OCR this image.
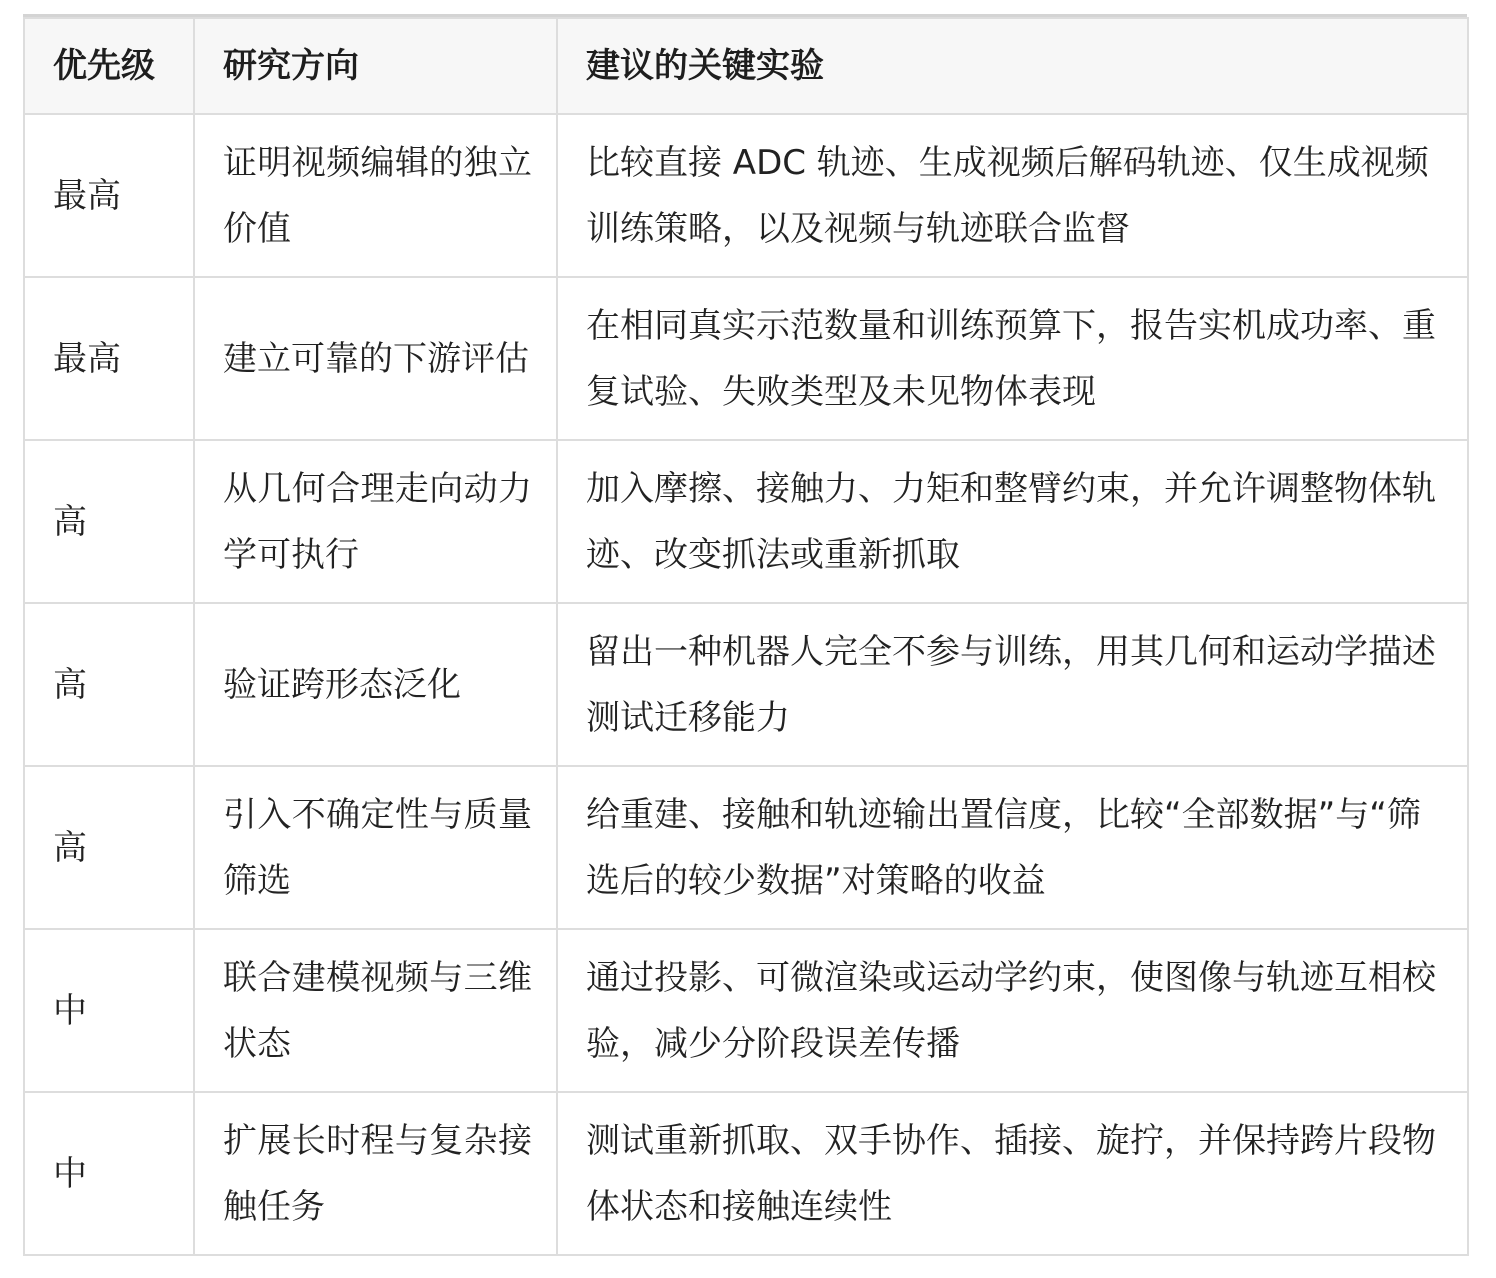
优先级	研究方向	建议的关键实验
最高	证明视频编辑的独立价值	比较直接 ADC 轨迹、生成视频后解码轨迹、仅生成视频训练策略，以及视频与轨迹联合监督
最高	建立可靠的下游评估	在相同真实示范数量和训练预算下，报告实机成功率、重复试验、失败类型及未见物体表现
高	从几何合理走向动力学可执行	加入摩擦、接触力、力矩和整臂约束，并允许调整物体轨迹、改变抓法或重新抓取
高	验证跨形态泛化	留出一种机器人完全不参与训练，用其几何和运动学描述测试迁移能力
高	引入不确定性与质量筛选	给重建、接触和轨迹输出置信度，比较“全部数据”与“筛选后的较少数据”对策略的收益
中	联合建模视频与三维状态	通过投影、可微渲染或运动学约束，使图像与轨迹互相校验，减少分阶段误差传播
中	扩展长时程与复杂接触任务	测试重新抓取、双手协作、插接、旋拧，并保持跨片段物体状态和接触连续性
